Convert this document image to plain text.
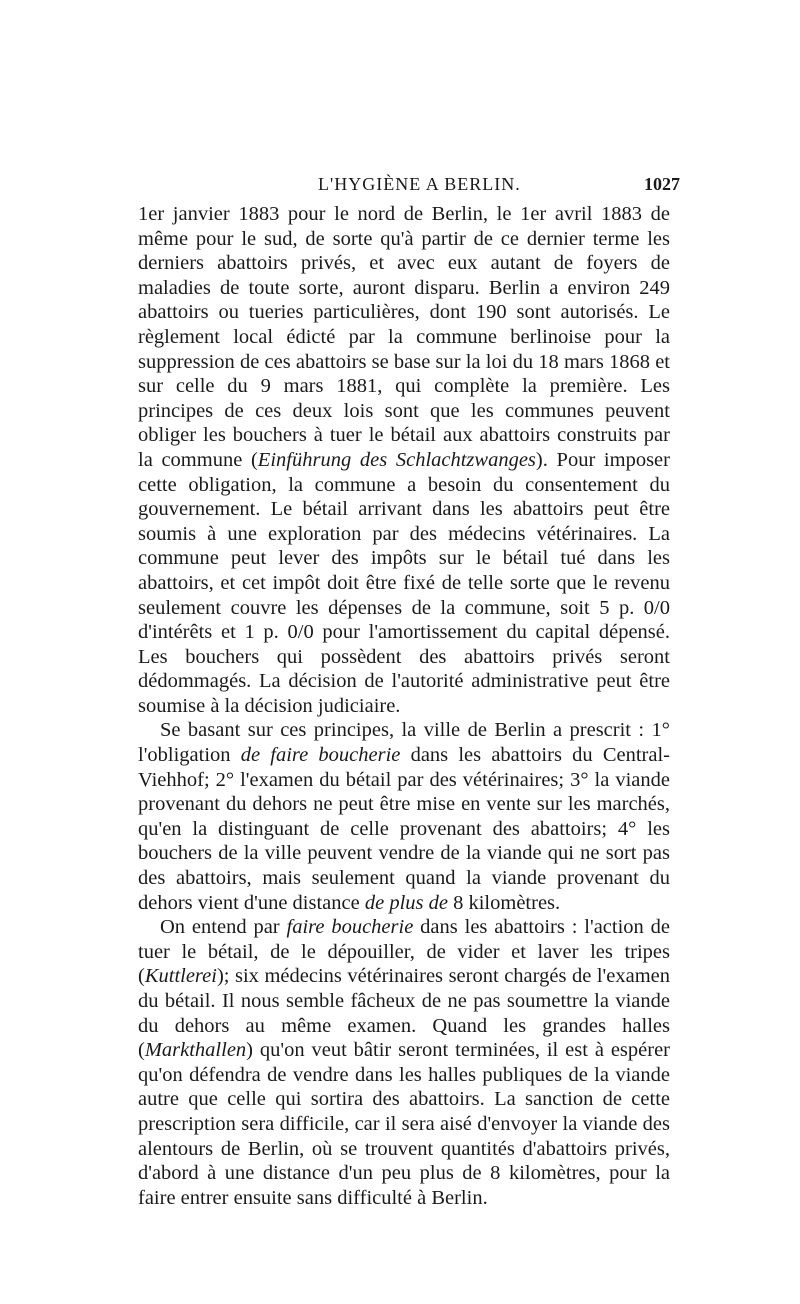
L'HYGIÈNE A BERLIN.	1027

1er janvier 1883 pour le nord de Berlin, le 1er avril 1883 de même pour le sud, de sorte qu'à partir de ce dernier terme les derniers abattoirs privés, et avec eux autant de foyers de maladies de toute sorte, auront disparu. Berlin a environ 249 abattoirs ou tueries particulières, dont 190 sont autorisés. Le règlement local édicté par la commune berlinoise pour la suppression de ces abattoirs se base sur la loi du 18 mars 1868 et sur celle du 9 mars 1881, qui complète la première. Les principes de ces deux lois sont que les communes peuvent obliger les bouchers à tuer le bétail aux abattoirs construits par la commune (Einführung des Schlachtzwanges). Pour imposer cette obligation, la commune a besoin du consentement du gouvernement. Le bétail arrivant dans les abattoirs peut être soumis à une exploration par des médecins vétérinaires. La commune peut lever des impôts sur le bétail tué dans les abattoirs, et cet impôt doit être fixé de telle sorte que le revenu seulement couvre les dépenses de la commune, soit 5 p. 0/0 d'intérêts et 1 p. 0/0 pour l'amortissement du capital dépensé. Les bouchers qui possèdent des abattoirs privés seront dédommagés. La décision de l'autorité administrative peut être soumise à la décision judiciaire.

Se basant sur ces principes, la ville de Berlin a prescrit : 1° l'obligation de faire boucherie dans les abattoirs du Central-Viehhof; 2° l'examen du bétail par des vétérinaires; 3° la viande provenant du dehors ne peut être mise en vente sur les marchés, qu'en la distinguant de celle provenant des abattoirs; 4° les bouchers de la ville peuvent vendre de la viande qui ne sort pas des abattoirs, mais seulement quand la viande provenant du dehors vient d'une distance de plus de 8 kilomètres.

On entend par faire boucherie dans les abattoirs : l'action de tuer le bétail, de le dépouiller, de vider et laver les tripes (Kuttlerei); six médecins vétérinaires seront chargés de l'examen du bétail. Il nous semble fâcheux de ne pas soumettre la viande du dehors au même examen. Quand les grandes halles (Markthallen) qu'on veut bâtir seront terminées, il est à espérer qu'on défendra de vendre dans les halles publiques de la viande autre que celle qui sortira des abattoirs. La sanction de cette prescription sera difficile, car il sera aisé d'envoyer la viande des alentours de Berlin, où se trouvent quantités d'abattoirs privés, d'abord à une distance d'un peu plus de 8 kilomètres, pour la faire entrer ensuite sans difficulté à Berlin.
